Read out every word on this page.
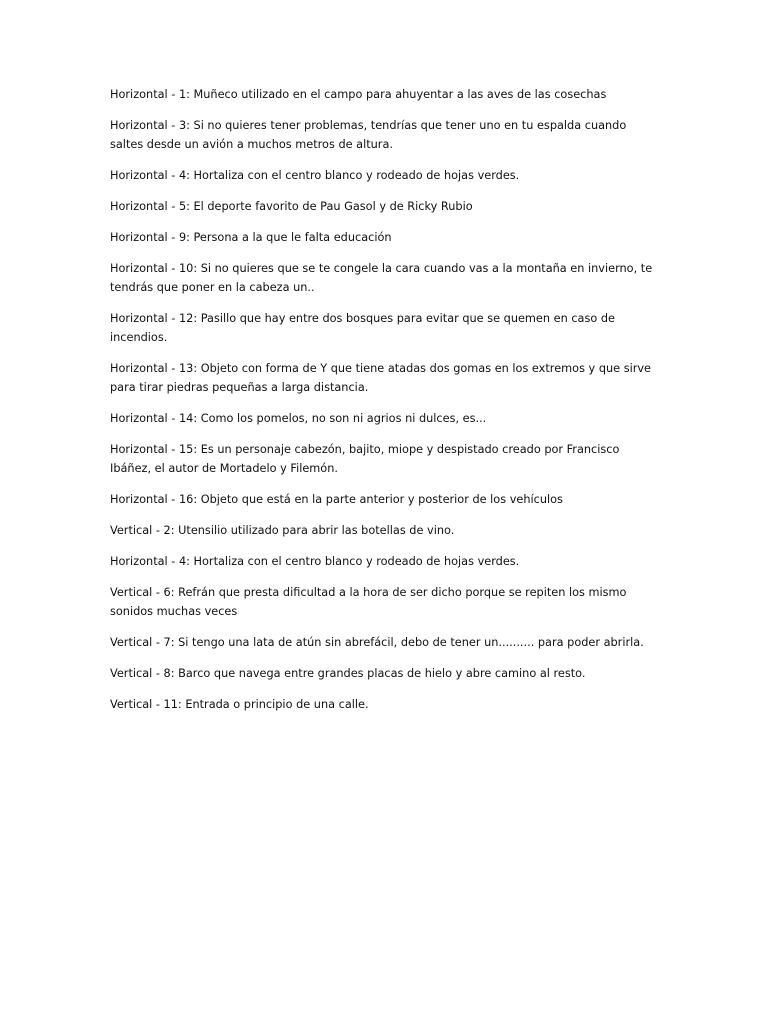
Horizontal - 1: Muñeco utilizado en el campo para ahuyentar a las aves de las cosechas
Horizontal - 3: Si no quieres tener problemas, tendrías que tener uno en tu espalda cuando saltes desde un avión a muchos metros de altura.
Horizontal - 4: Hortaliza con el centro blanco y rodeado de hojas verdes.
Horizontal - 5: El deporte favorito de Pau Gasol y de Ricky Rubio
Horizontal - 9: Persona a la que le falta educación
Horizontal - 10: Si no quieres que se te congele la cara cuando vas a la montaña en invierno, te tendrás que poner en la cabeza un..
Horizontal - 12: Pasillo que hay entre dos bosques para evitar que se quemen en caso de incendios.
Horizontal - 13: Objeto con forma de Y que tiene atadas dos gomas en los extremos y que sirve para tirar piedras pequeñas a larga distancia.
Horizontal - 14: Como los pomelos, no son ni agrios ni dulces, es...
Horizontal - 15: Es un personaje cabezón, bajito, miope y despistado creado por Francisco Ibáñez, el autor de Mortadelo y Filemón.
Horizontal - 16: Objeto que está en la parte anterior y posterior de los vehículos
Vertical - 2: Utensilio utilizado para abrir las botellas de vino.
Horizontal - 4: Hortaliza con el centro blanco y rodeado de hojas verdes.
Vertical - 6: Refrán que presta dificultad a la hora de ser dicho porque se repiten los mismo sonidos muchas veces
Vertical - 7: Si tengo una lata de atún sin abrefácil, debo de tener un.......... para poder abrirla.
Vertical - 8: Barco que navega entre grandes placas de hielo y abre camino al resto.
Vertical - 11: Entrada o principio de una calle.
